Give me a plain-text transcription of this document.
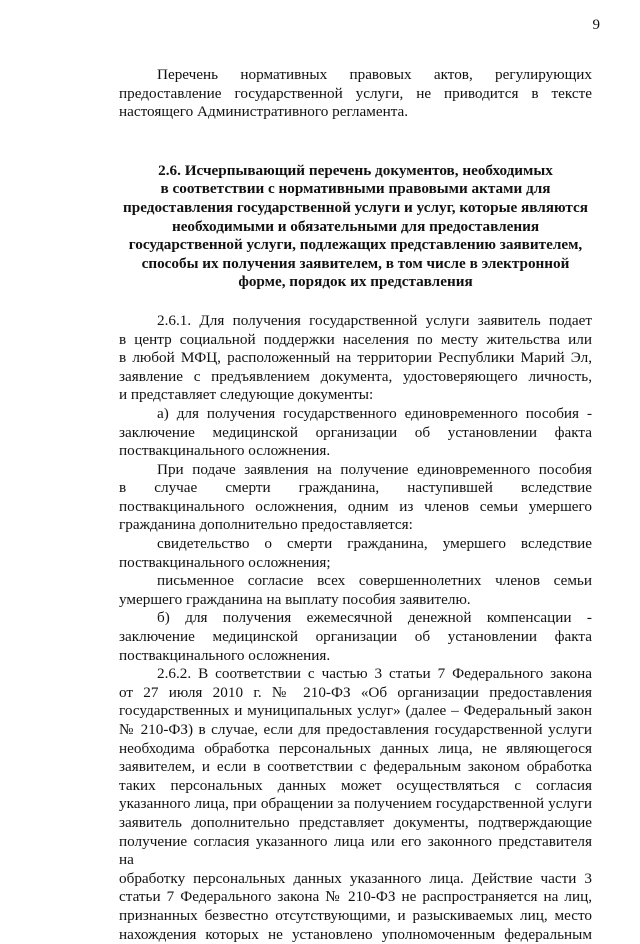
9
Перечень нормативных правовых актов, регулирующих
предоставление государственной услуги, не приводится в тексте
настоящего Административного регламента.
2.6. Исчерпывающий перечень документов, необходимых
в соответствии с нормативными правовыми актами для
предоставления государственной услуги и услуг, которые являются
необходимыми и обязательными для предоставления
государственной услуги, подлежащих представлению заявителем,
способы их получения заявителем, в том числе в электронной
форме, порядок их представления
2.6.1. Для получения государственной услуги заявитель подает
в центр социальной поддержки населения по месту жительства или
в любой МФЦ, расположенный на территории Республики Марий Эл,
заявление с предъявлением документа, удостоверяющего личность,
и представляет следующие документы:
а) для получения государственного единовременного пособия -
заключение медицинской организации об установлении факта
поствакцинального осложнения.
При подаче заявления на получение единовременного пособия
в случае смерти гражданина, наступившей вследствие
поствакцинального осложнения, одним из членов семьи умершего
гражданина дополнительно предоставляется:
свидетельство о смерти гражданина, умершего вследствие
поствакцинального осложнения;
письменное согласие всех совершеннолетних членов семьи
умершего гражданина на выплату пособия заявителю.
б) для получения ежемесячной денежной компенсации -
заключение медицинской организации об установлении факта
поствакцинального осложнения.
2.6.2. В соответствии с частью 3 статьи 7 Федерального закона
от 27 июля 2010 г. № 210-ФЗ «Об организации предоставления
государственных и муниципальных услуг» (далее – Федеральный закон
№ 210-ФЗ) в случае, если для предоставления государственной услуги
необходима обработка персональных данных лица, не являющегося
заявителем, и если в соответствии с федеральным законом обработка
таких персональных данных может осуществляться с согласия
указанного лица, при обращении за получением государственной услуги
заявитель дополнительно представляет документы, подтверждающие
получение согласия указанного лица или его законного представителя на
обработку персональных данных указанного лица. Действие части 3
статьи 7 Федерального закона № 210-ФЗ не распространяется на лиц,
признанных безвестно отсутствующими, и разыскиваемых лиц, место
нахождения которых не установлено уполномоченным федеральным
